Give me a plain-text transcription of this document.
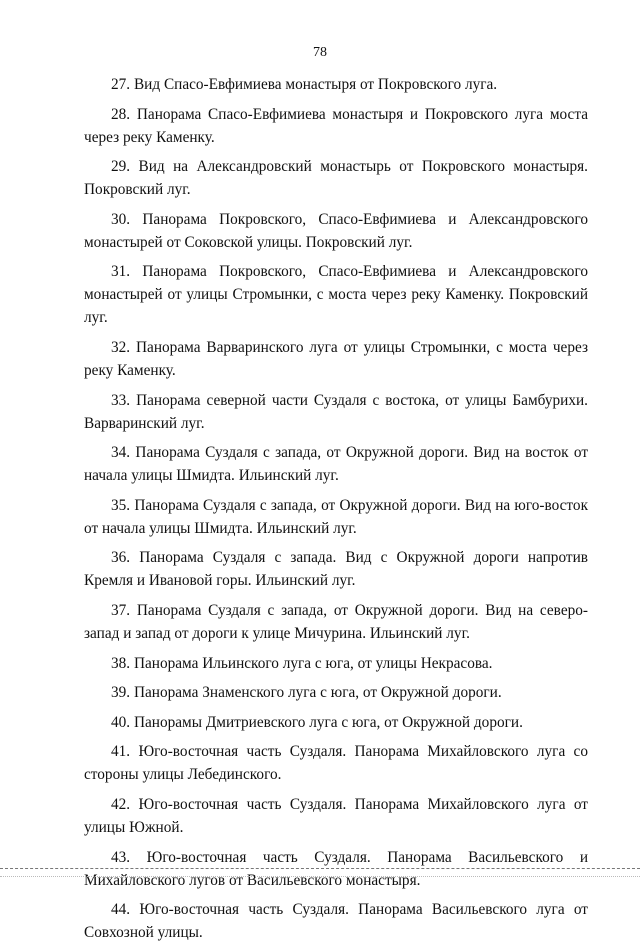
78

27. Вид Спасо-Евфимиева монастыря от Покровского луга.

28. Панорама Спасо-Евфимиева монастыря и Покровского луга моста через реку Каменку.

29. Вид на Александровский монастырь от Покровского монастыря. Покровский луг.

30. Панорама Покровского, Спасо-Евфимиева и Александровского монастырей от Соковской улицы. Покровский луг.

31. Панорама Покровского, Спасо-Евфимиева и Александровского монастырей от улицы Стромынки, с моста через реку Каменку. Покровский луг.

32. Панорама Варваринского луга от улицы Стромынки, с моста через реку Каменку.

33. Панорама северной части Суздаля с востока, от улицы Бамбурихи. Варваринский луг.

34. Панорама Суздаля с запада, от Окружной дороги. Вид на восток от начала улицы Шмидта. Ильинский луг.

35. Панорама Суздаля с запада, от Окружной дороги. Вид на юго-восток от начала улицы Шмидта. Ильинский луг.

36. Панорама Суздаля с запада. Вид с Окружной дороги напротив Кремля и Ивановой горы. Ильинский луг.

37. Панорама Суздаля с запада, от Окружной дороги. Вид на северо-запад и запад от дороги к улице Мичурина. Ильинский луг.

38. Панорама Ильинского луга с юга, от улицы Некрасова.

39. Панорама Знаменского луга с юга, от Окружной дороги.

40. Панорамы Дмитриевского луга с юга, от Окружной дороги.

41. Юго-восточная часть Суздаля. Панорама Михайловского луга со стороны улицы Лебединского.

42. Юго-восточная часть Суздаля. Панорама Михайловского луга от улицы Южной.

43. Юго-восточная часть Суздаля. Панорама Васильевского и Михайловского лугов от Васильевского монастыря.

44. Юго-восточная часть Суздаля. Панорама Васильевского луга от Совхозной улицы.
